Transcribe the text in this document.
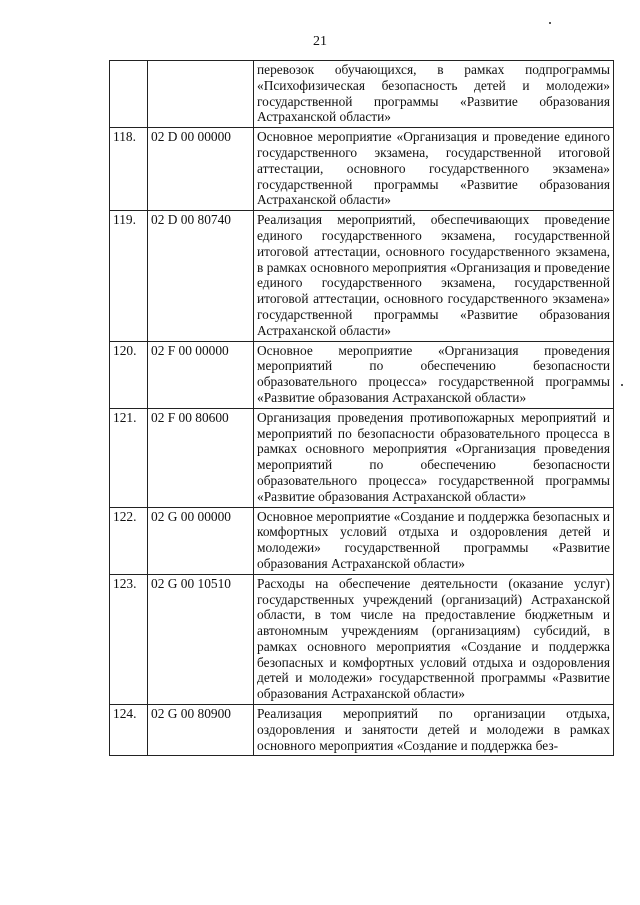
21
		перевозок обучающихся, в рамках подпрограммы «Психофизическая безопасность детей и молодежи» государственной программы «Развитие образования Астраханской области»
118.	02 D 00 00000	Основное мероприятие «Организация и проведение единого государственного экзамена, государственной итоговой аттестации, основного государственного экзамена» государственной программы «Развитие образования Астраханской области»
119.	02 D 00 80740	Реализация мероприятий, обеспечивающих проведение единого государственного экзамена, государственной итоговой аттестации, основного государственного экзамена, в рамках основного мероприятия «Организация и проведение единого государственного экзамена, государственной итоговой аттестации, основного государственного экзамена» государственной программы «Развитие образования Астраханской области»
120.	02 F 00 00000	Основное мероприятие «Организация проведения мероприятий по обеспечению безопасности образовательного процесса» государственной программы «Развитие образования Астраханской области»
121.	02 F 00 80600	Организация проведения противопожарных мероприятий и мероприятий по безопасности образовательного процесса в рамках основного мероприятия «Организация проведения мероприятий по обеспечению безопасности образовательного процесса» государственной программы «Развитие образования Астраханской области»
122.	02 G 00 00000	Основное мероприятие «Создание и поддержка безопасных и комфортных условий отдыха и оздоровления детей и молодежи» государственной программы «Развитие образования Астраханской области»
123.	02 G 00 10510	Расходы на обеспечение деятельности (оказание услуг) государственных учреждений (организаций) Астраханской области, в том числе на предоставление бюджетным и автономным учреждениям (организациям) субсидий, в рамках основного мероприятия «Создание и поддержка безопасных и комфортных условий отдыха и оздоровления детей и молодежи» государственной программы «Развитие образования Астраханской области»
124.	02 G 00 80900	Реализация мероприятий по организации отдыха, оздоровления и занятости детей и молодежи в рамках основного мероприятия «Создание и поддержка без-
